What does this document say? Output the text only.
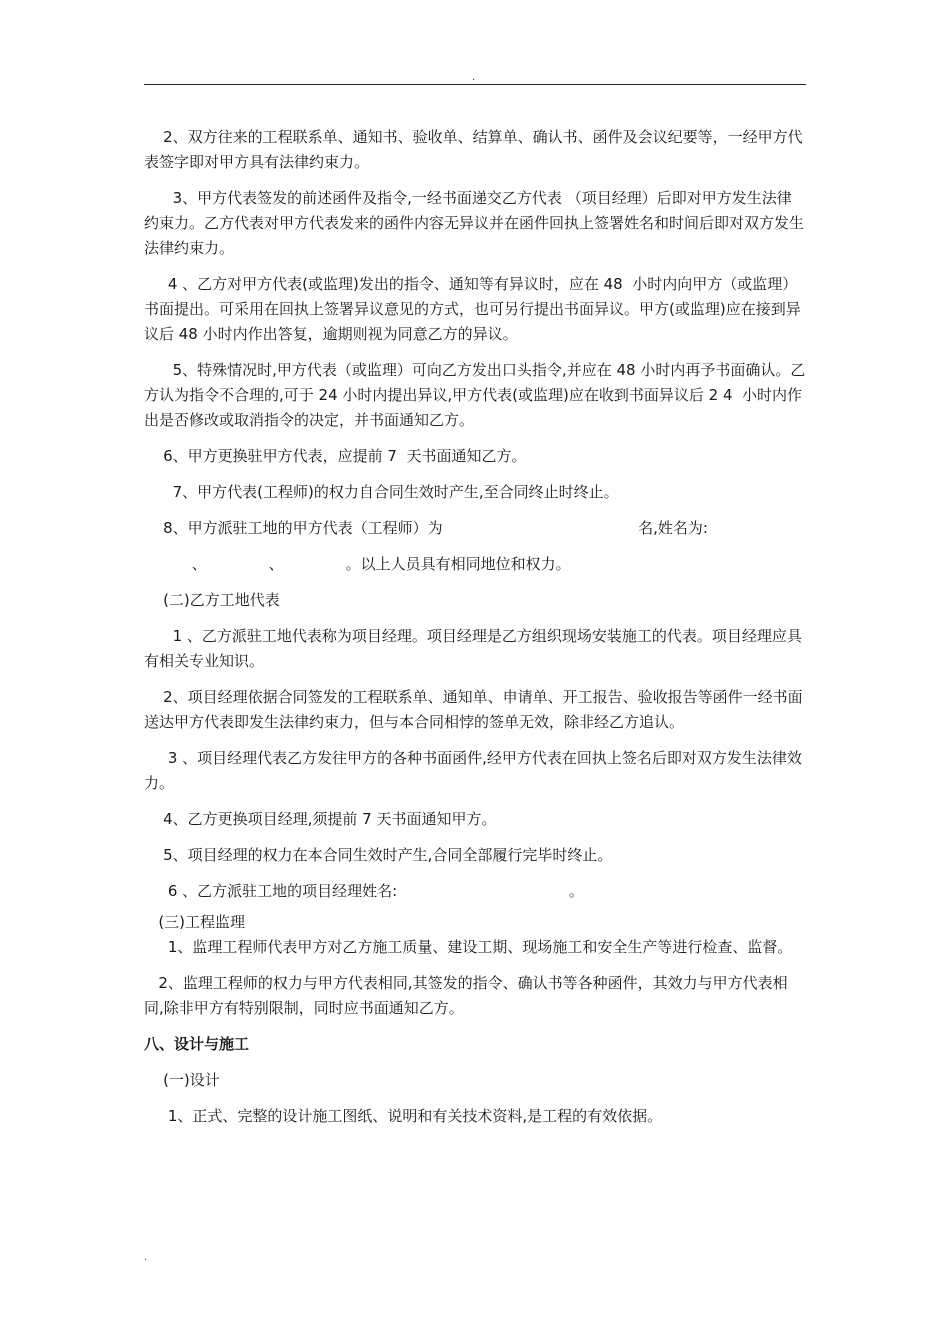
.

2、双方往来的工程联系单、通知书、验收单、结算单、确认书、函件及会议纪要等，一经甲方代表签字即对甲方具有法律约束力。

3、甲方代表签发的前述函件及指令,一经书面递交乙方代表 （项目经理）后即对甲方发生法律约束力。乙方代表对甲方代表发来的函件内容无异议并在函件回执上签署姓名和时间后即对双方发生法律约束力。

4 、乙方对甲方代表(或监理)发出的指令、通知等有异议时，应在 48  小时内向甲方（或监理）书面提出。可采用在回执上签署异议意见的方式，也可另行提出书面异议。甲方(或监理)应在接到异议后 48 小时内作出答复，逾期则视为同意乙方的异议。

5、特殊情况时,甲方代表（或监理）可向乙方发出口头指令,并应在 48 小时内再予书面确认。乙方认为指令不合理的,可于 24 小时内提出异议,甲方代表(或监理)应在收到书面异议后 2 4  小时内作出是否修改或取消指令的决定，并书面通知乙方。

6、甲方更换驻甲方代表，应提前 7  天书面通知乙方。

7、甲方代表(工程师)的权力自合同生效时产生,至合同终止时终止。

8、甲方派驻工地的甲方代表（工程师）为                                         名,姓名为:

、             、             。以上人员具有相同地位和权力。

(二)乙方工地代表

1 、乙方派驻工地代表称为项目经理。项目经理是乙方组织现场安装施工的代表。项目经理应具有相关专业知识。

2、项目经理依据合同签发的工程联系单、通知单、申请单、开工报告、验收报告等函件一经书面送达甲方代表即发生法律约束力，但与本合同相悖的签单无效，除非经乙方追认。

3 、项目经理代表乙方发往甲方的各种书面函件,经甲方代表在回执上签名后即对双方发生法律效力。

4、乙方更换项目经理,须提前 7 天书面通知甲方。

5、项目经理的权力在本合同生效时产生,合同全部履行完毕时终止。

6 、乙方派驻工地的项目经理姓名:                                    。

(三)工程监理

1、监理工程师代表甲方对乙方施工质量、建设工期、现场施工和安全生产等进行检查、监督。

2、监理工程师的权力与甲方代表相同,其签发的指令、确认书等各种函件，其效力与甲方代表相同,除非甲方有特别限制，同时应书面通知乙方。

八、设计与施工

(一)设计

1、正式、完整的设计施工图纸、说明和有关技术资料,是工程的有效依据。

.
